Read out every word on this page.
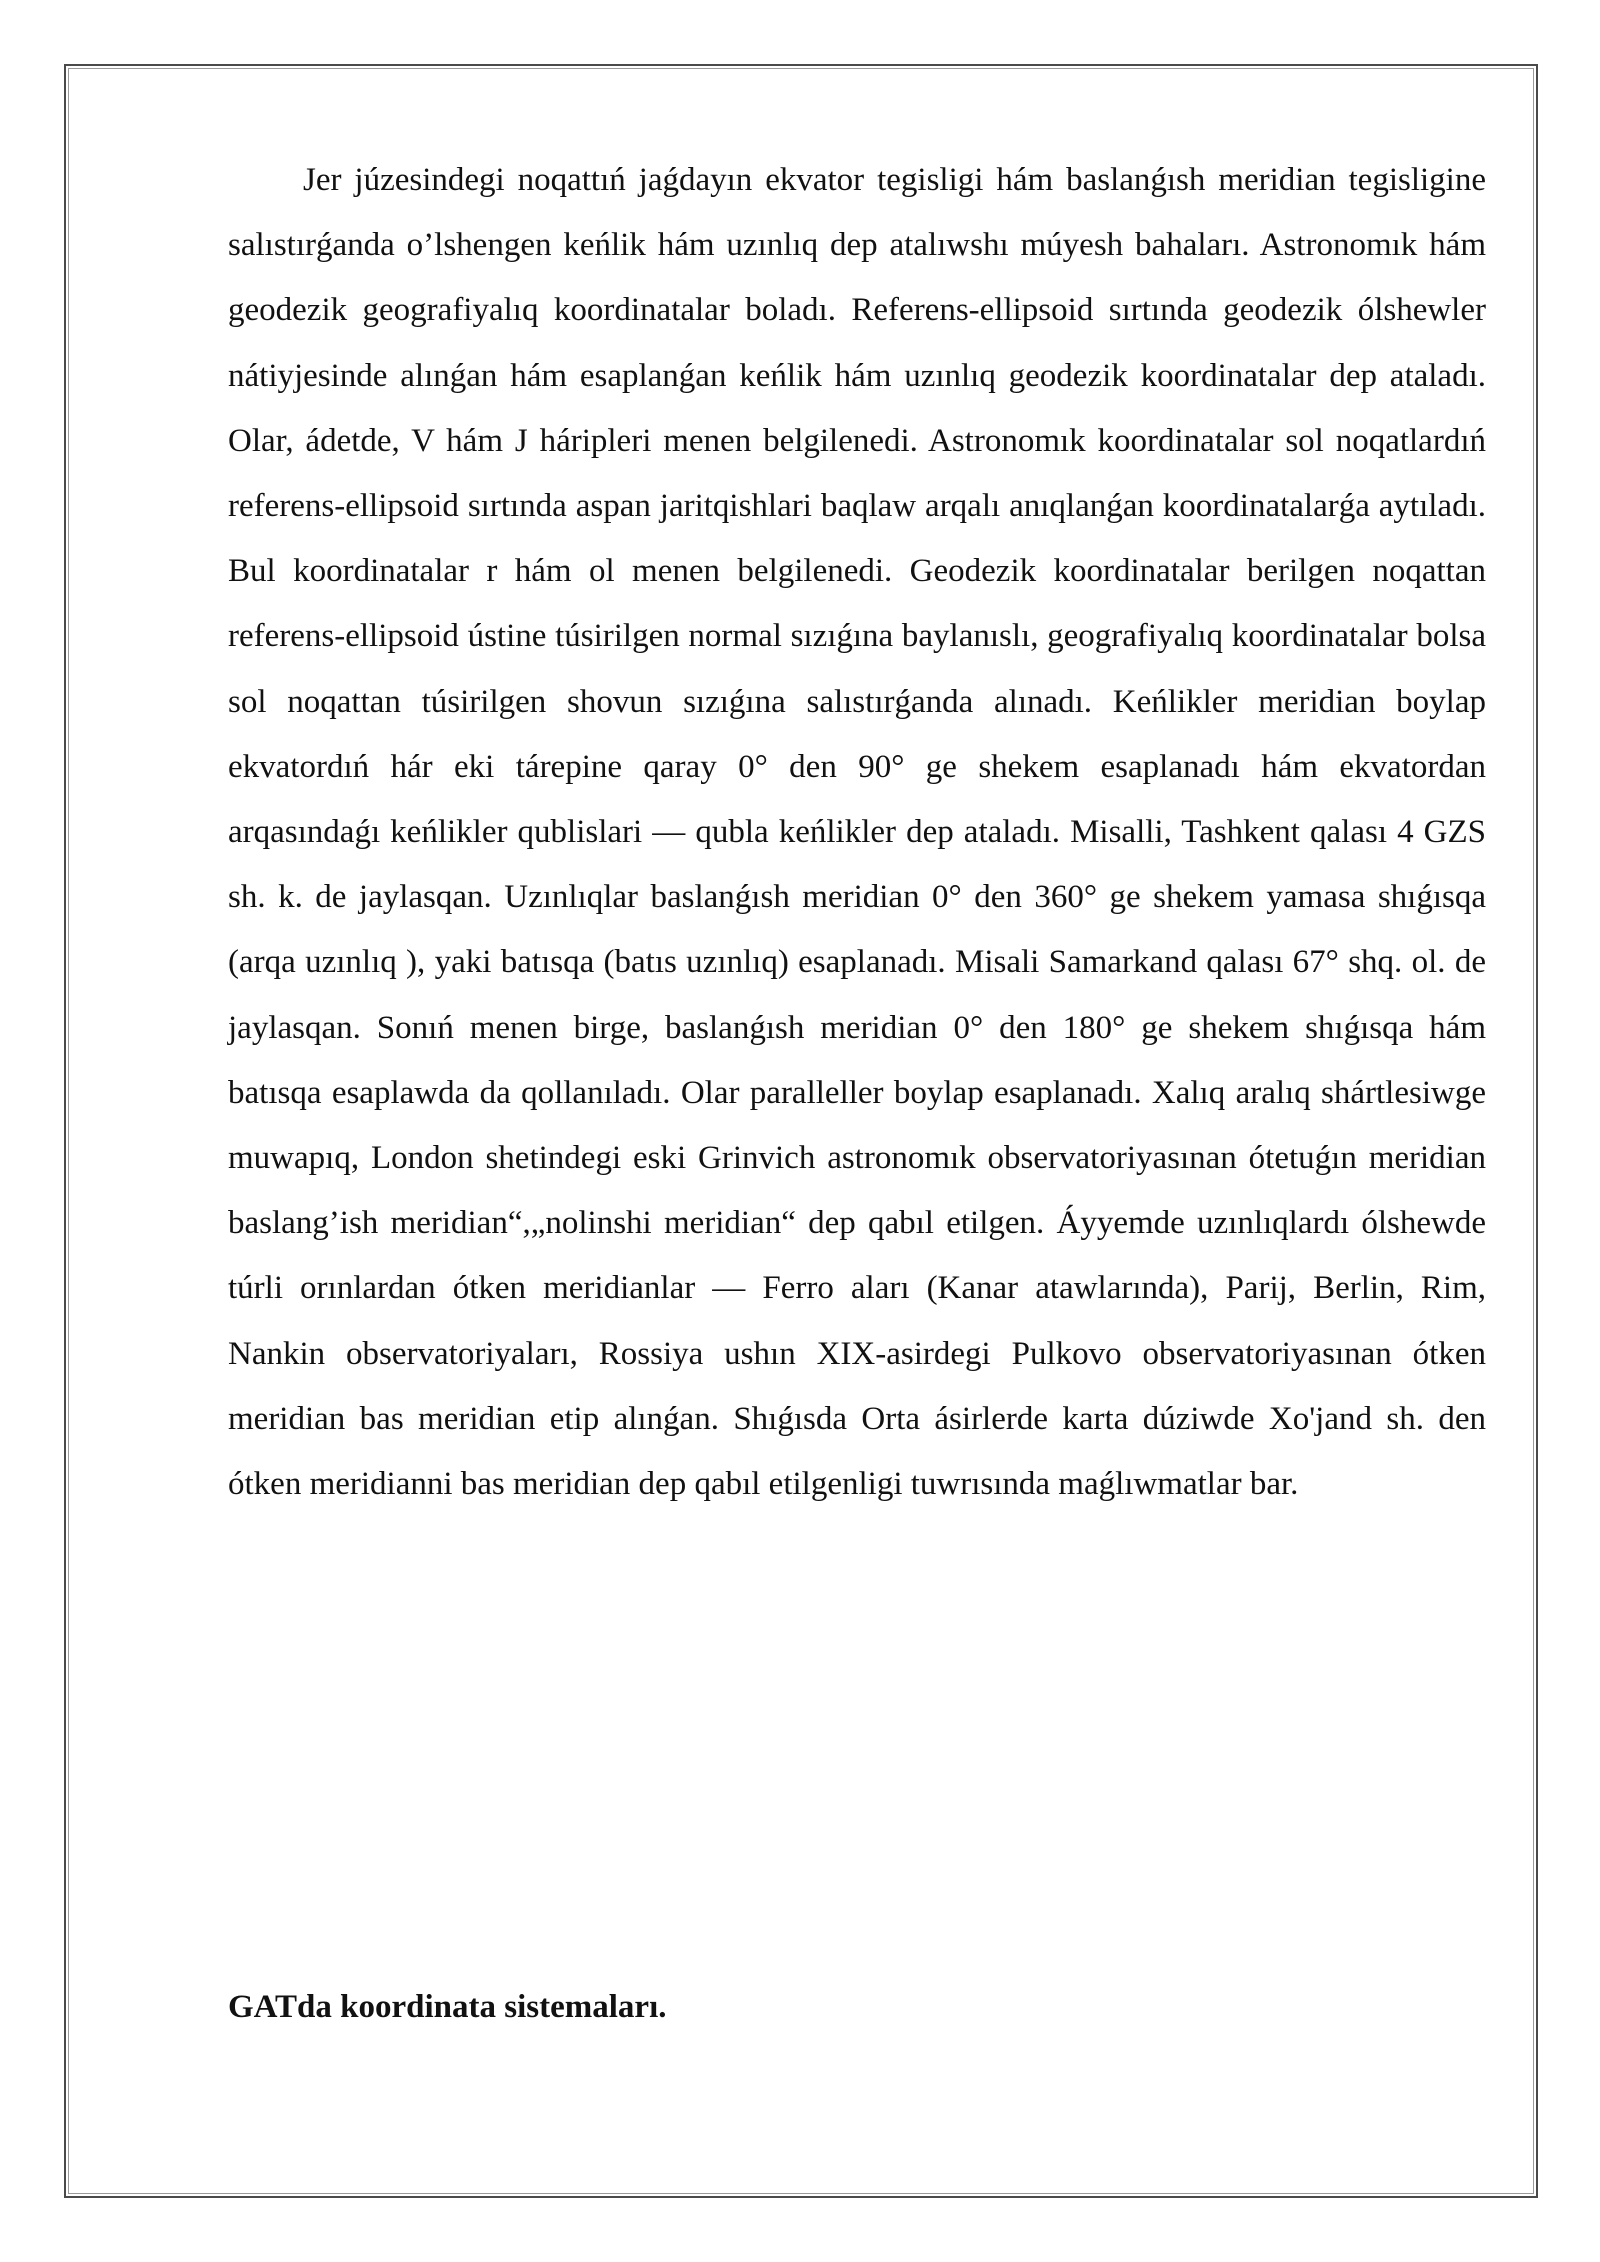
Jer júzesindegi noqattıń jaǵdayın ekvator tegisligi hám baslanǵısh meridian tegisligine salıstırǵanda o’lshengen keńlik hám uzınlıq dep atalıwshı múyesh bahaları. Astronomık hám geodezik geografiyalıq koordinatalar boladı. Referens-ellipsoid sırtında geodezik ólshewler nátiyjesinde alınǵan hám esaplanǵan keńlik hám uzınlıq geodezik koordinatalar dep ataladı. Olar, ádetde, V hám J háripleri menen belgilenedi. Astronomık koordinatalar sol noqatlardıń referens-ellipsoid sırtında aspan jaritqishlari baqlaw arqalı anıqlanǵan koordinatalarǵa aytıladı. Bul koordinatalar r hám ol menen belgilenedi. Geodezik koordinatalar berilgen noqattan referens-ellipsoid ústine túsirilgen normal sızıǵına baylanıslı, geografiyalıq koordinatalar bolsa sol noqattan túsirilgen shovun sızıǵına salıstırǵanda alınadı. Keńlikler meridian boylap ekvatordıń hár eki tárepine qaray 0° den 90° ge shekem esaplanadı hám ekvatordan arqasındaǵı keńlikler qublislari — qubla keńlikler dep ataladı. Misalli, Tashkent qalası 4 GZS sh. k. de jaylasqan. Uzınlıqlar baslanǵısh meridian 0° den 360° ge shekem yamasa shıǵısqa (arqa uzınlıq ), yaki batısqa (batıs uzınlıq) esaplanadı. Misali Samarkand qalası 67° shq. ol. de jaylasqan. Sonıń menen birge, baslanǵısh meridian 0° den 180° ge shekem shıǵısqa hám batısqa esaplawda da qollanıladı. Olar paralleller boylap esaplanadı. Xalıq aralıq shártlesiwge muwapıq, London shetindegi eski Grinvich astronomık observatoriyasınan ótetuǵın meridian baslang’ish meridian“,„nolinshi meridian“ dep qabıl etilgen. Áyyemde uzınlıqlardı ólshewde túrli orınlardan ótken meridianlar — Ferro aları (Kanar atawlarında), Parij, Berlin, Rim, Nankin observatoriyaları, Rossiya ushın XIX-asirdegi Pulkovo observatoriyasınan ótken meridian bas meridian etip alınǵan. Shıǵısda Orta ásirlerde karta dúziwde Xo'jand sh. den ótken meridianni bas meridian dep qabıl etilgenligi tuwrısında maǵlıwmatlar bar.

GATda koordinata sistemaları.
